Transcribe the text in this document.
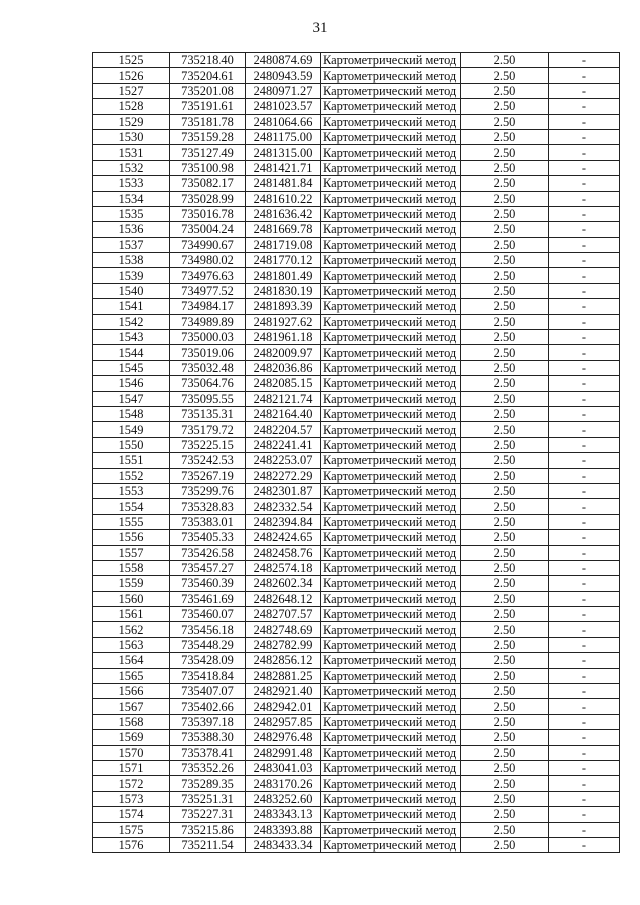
31
1525	735218.40	2480874.69	Картометрический метод	2.50	-
1526	735204.61	2480943.59	Картометрический метод	2.50	-
1527	735201.08	2480971.27	Картометрический метод	2.50	-
1528	735191.61	2481023.57	Картометрический метод	2.50	-
1529	735181.78	2481064.66	Картометрический метод	2.50	-
1530	735159.28	2481175.00	Картометрический метод	2.50	-
1531	735127.49	2481315.00	Картометрический метод	2.50	-
1532	735100.98	2481421.71	Картометрический метод	2.50	-
1533	735082.17	2481481.84	Картометрический метод	2.50	-
1534	735028.99	2481610.22	Картометрический метод	2.50	-
1535	735016.78	2481636.42	Картометрический метод	2.50	-
1536	735004.24	2481669.78	Картометрический метод	2.50	-
1537	734990.67	2481719.08	Картометрический метод	2.50	-
1538	734980.02	2481770.12	Картометрический метод	2.50	-
1539	734976.63	2481801.49	Картометрический метод	2.50	-
1540	734977.52	2481830.19	Картометрический метод	2.50	-
1541	734984.17	2481893.39	Картометрический метод	2.50	-
1542	734989.89	2481927.62	Картометрический метод	2.50	-
1543	735000.03	2481961.18	Картометрический метод	2.50	-
1544	735019.06	2482009.97	Картометрический метод	2.50	-
1545	735032.48	2482036.86	Картометрический метод	2.50	-
1546	735064.76	2482085.15	Картометрический метод	2.50	-
1547	735095.55	2482121.74	Картометрический метод	2.50	-
1548	735135.31	2482164.40	Картометрический метод	2.50	-
1549	735179.72	2482204.57	Картометрический метод	2.50	-
1550	735225.15	2482241.41	Картометрический метод	2.50	-
1551	735242.53	2482253.07	Картометрический метод	2.50	-
1552	735267.19	2482272.29	Картометрический метод	2.50	-
1553	735299.76	2482301.87	Картометрический метод	2.50	-
1554	735328.83	2482332.54	Картометрический метод	2.50	-
1555	735383.01	2482394.84	Картометрический метод	2.50	-
1556	735405.33	2482424.65	Картометрический метод	2.50	-
1557	735426.58	2482458.76	Картометрический метод	2.50	-
1558	735457.27	2482574.18	Картометрический метод	2.50	-
1559	735460.39	2482602.34	Картометрический метод	2.50	-
1560	735461.69	2482648.12	Картометрический метод	2.50	-
1561	735460.07	2482707.57	Картометрический метод	2.50	-
1562	735456.18	2482748.69	Картометрический метод	2.50	-
1563	735448.29	2482782.99	Картометрический метод	2.50	-
1564	735428.09	2482856.12	Картометрический метод	2.50	-
1565	735418.84	2482881.25	Картометрический метод	2.50	-
1566	735407.07	2482921.40	Картометрический метод	2.50	-
1567	735402.66	2482942.01	Картометрический метод	2.50	-
1568	735397.18	2482957.85	Картометрический метод	2.50	-
1569	735388.30	2482976.48	Картометрический метод	2.50	-
1570	735378.41	2482991.48	Картометрический метод	2.50	-
1571	735352.26	2483041.03	Картометрический метод	2.50	-
1572	735289.35	2483170.26	Картометрический метод	2.50	-
1573	735251.31	2483252.60	Картометрический метод	2.50	-
1574	735227.31	2483343.13	Картометрический метод	2.50	-
1575	735215.86	2483393.88	Картометрический метод	2.50	-
1576	735211.54	2483433.34	Картометрический метод	2.50	-
